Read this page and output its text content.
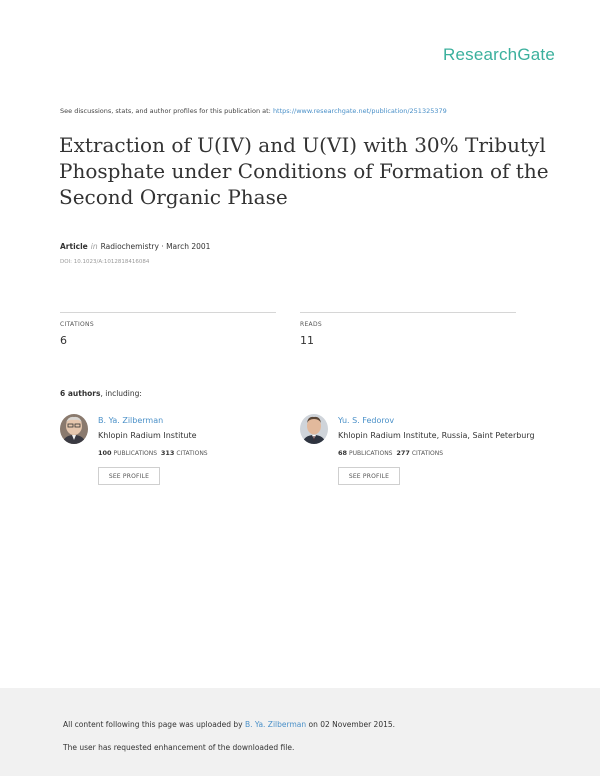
ResearchGate
See discussions, stats, and author profiles for this publication at: https://www.researchgate.net/publication/251325379
Extraction of U(IV) and U(VI) with 30% Tributyl Phosphate under Conditions of Formation of the Second Organic Phase
Article in Radiochemistry · March 2001
DOI: 10.1023/A:1012818416084
CITATIONS
6
READS
11
6 authors, including:
B. Ya. Zilberman
Khlopin Radium Institute
100 PUBLICATIONS 313 CITATIONS
SEE PROFILE
Yu. S. Fedorov
Khlopin Radium Institute, Russia, Saint Peterburg
68 PUBLICATIONS 277 CITATIONS
SEE PROFILE
All content following this page was uploaded by B. Ya. Zilberman on 02 November 2015.
The user has requested enhancement of the downloaded file.
